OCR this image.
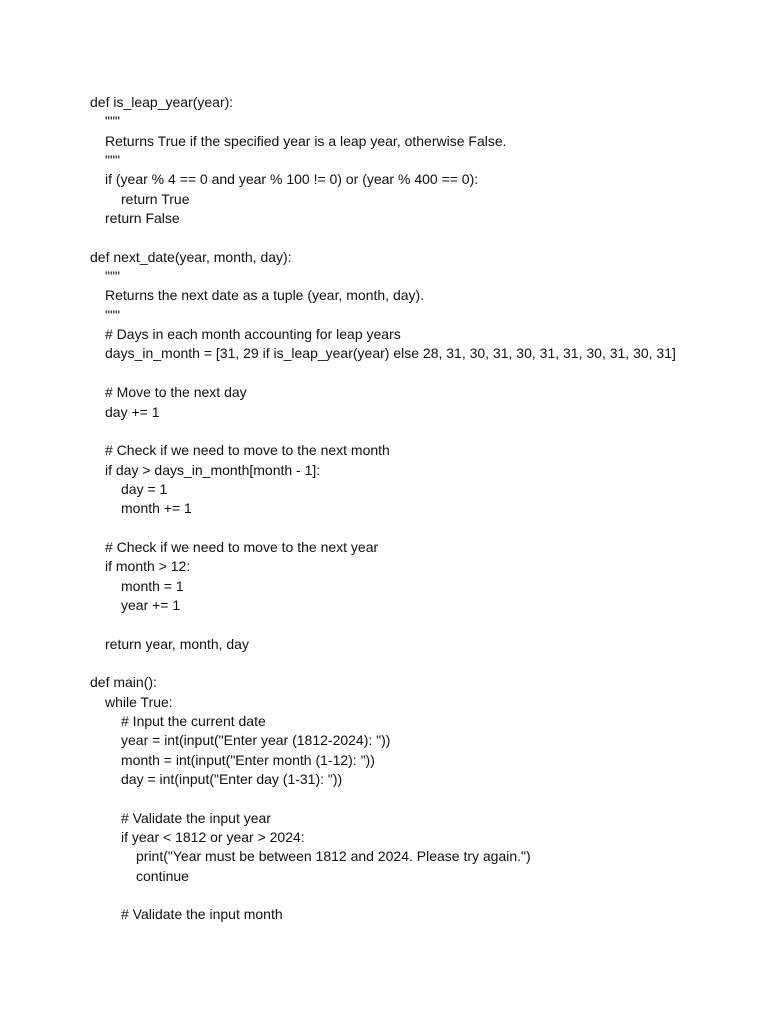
def is_leap_year(year):
"""
Returns True if the specified year is a leap year, otherwise False.
"""
if (year % 4 == 0 and year % 100 != 0) or (year % 400 == 0):
return True
return False
def next_date(year, month, day):
"""
Returns the next date as a tuple (year, month, day).
"""
# Days in each month accounting for leap years
days_in_month = [31, 29 if is_leap_year(year) else 28, 31, 30, 31, 30, 31, 31, 30, 31, 30, 31]
# Move to the next day
day += 1
# Check if we need to move to the next month
if day > days_in_month[month - 1]:
day = 1
month += 1
# Check if we need to move to the next year
if month > 12:
month = 1
year += 1
return year, month, day
def main():
while True:
# Input the current date
year = int(input("Enter year (1812-2024): "))
month = int(input("Enter month (1-12): "))
day = int(input("Enter day (1-31): "))
# Validate the input year
if year < 1812 or year > 2024:
print("Year must be between 1812 and 2024. Please try again.")
continue
# Validate the input month
